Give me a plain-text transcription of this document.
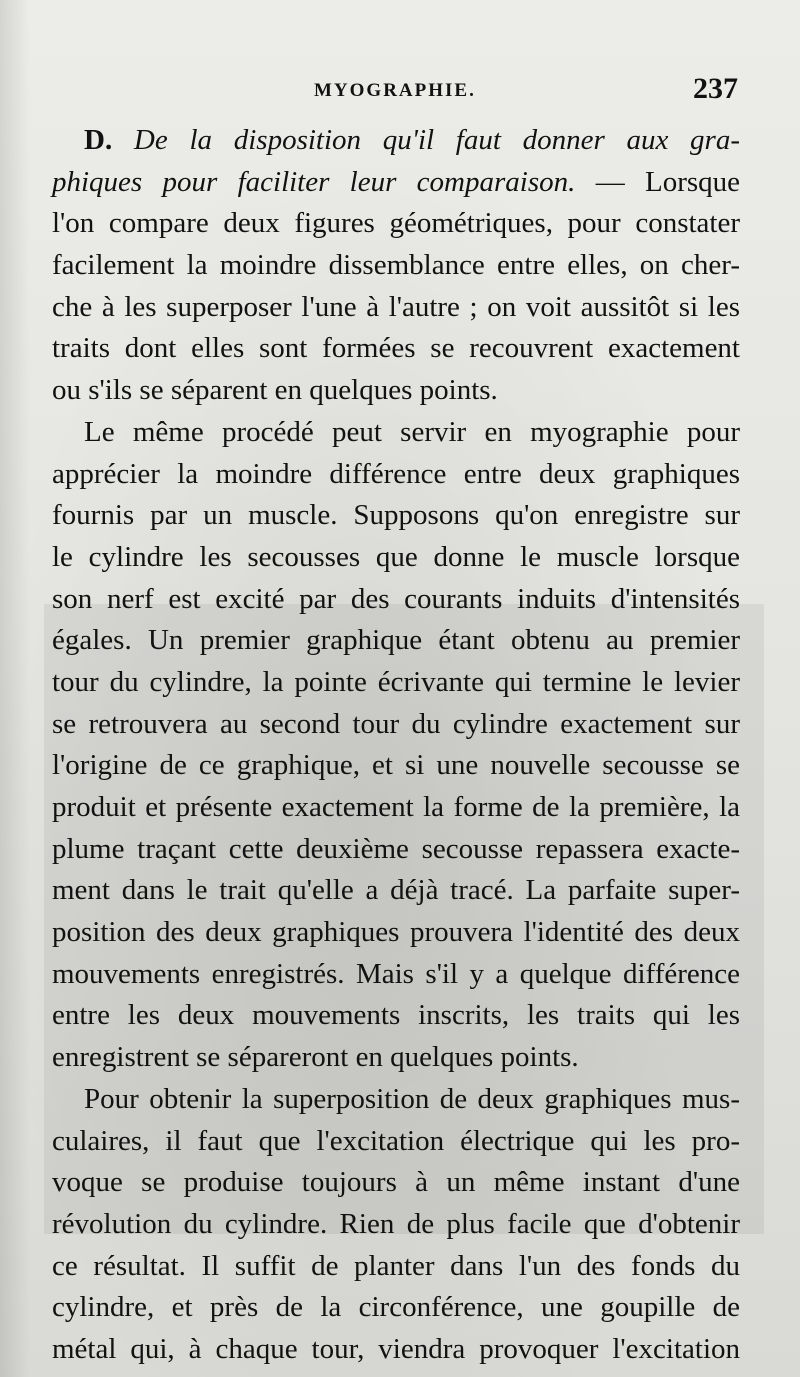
MYOGRAPHIE.	237
D. De la disposition qu'il faut donner aux gra-
phiques pour faciliter leur comparaison. — Lorsque
l'on compare deux figures géométriques, pour constater
facilement la moindre dissemblance entre elles, on cher-
che à les superposer l'une à l'autre ; on voit aussitôt si les
traits dont elles sont formées se recouvrent exactement
ou s'ils se séparent en quelques points.
Le même procédé peut servir en myographie pour
apprécier la moindre différence entre deux graphiques
fournis par un muscle. Supposons qu'on enregistre sur
le cylindre les secousses que donne le muscle lorsque
son nerf est excité par des courants induits d'intensités
égales. Un premier graphique étant obtenu au premier
tour du cylindre, la pointe écrivante qui termine le levier
se retrouvera au second tour du cylindre exactement sur
l'origine de ce graphique, et si une nouvelle secousse se
produit et présente exactement la forme de la première, la
plume traçant cette deuxième secousse repassera exacte-
ment dans le trait qu'elle a déjà tracé. La parfaite super-
position des deux graphiques prouvera l'identité des deux
mouvements enregistrés. Mais s'il y a quelque différence
entre les deux mouvements inscrits, les traits qui les
enregistrent se sépareront en quelques points.
Pour obtenir la superposition de deux graphiques mus-
culaires, il faut que l'excitation électrique qui les pro-
voque se produise toujours à un même instant d'une
révolution du cylindre. Rien de plus facile que d'obtenir
ce résultat. Il suffit de planter dans l'un des fonds du
cylindre, et près de la circonférence, une goupille de
métal qui, à chaque tour, viendra provoquer l'excitation
